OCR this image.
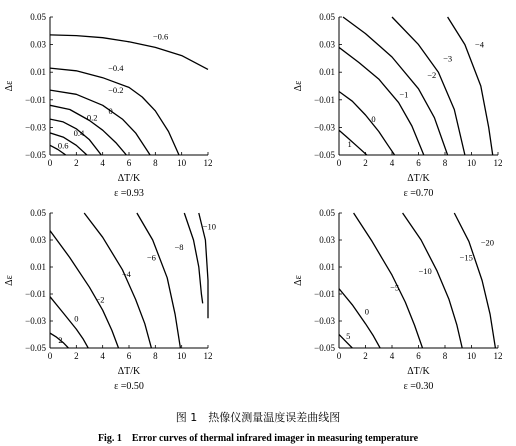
0 2 4 6 8 10 12
0.05
0.03
0.01
−0.01
−0.03
−0.05
ΔT/K
Δε
ε =0.93
−0.6
−0.4
−0.2
0
0.2
0.4
0.6
0 2 4 6 8 10 12
0.05
0.03
0.01
−0.01
−0.03
−0.05
ΔT/K
Δε
ε =0.70
1
0
−1
−2
−3
−4
0 2 4 6 8 10 12
0.05
0.03
0.01
−0.01
−0.03
−0.05
ΔT/K
Δε
ε =0.50
2
0
−2
−4
−6
−8
−10
0 2 4 6 8 10 12
0.05
0.03
0.01
−0.01
−0.03
−0.05
ΔT/K
Δε
ε =0.30
5
0
−5
−10
−15
−20
图 1　热像仪测量温度误差曲线图
Fig. 1　Error curves of thermal infrared imager in measuring temperature
